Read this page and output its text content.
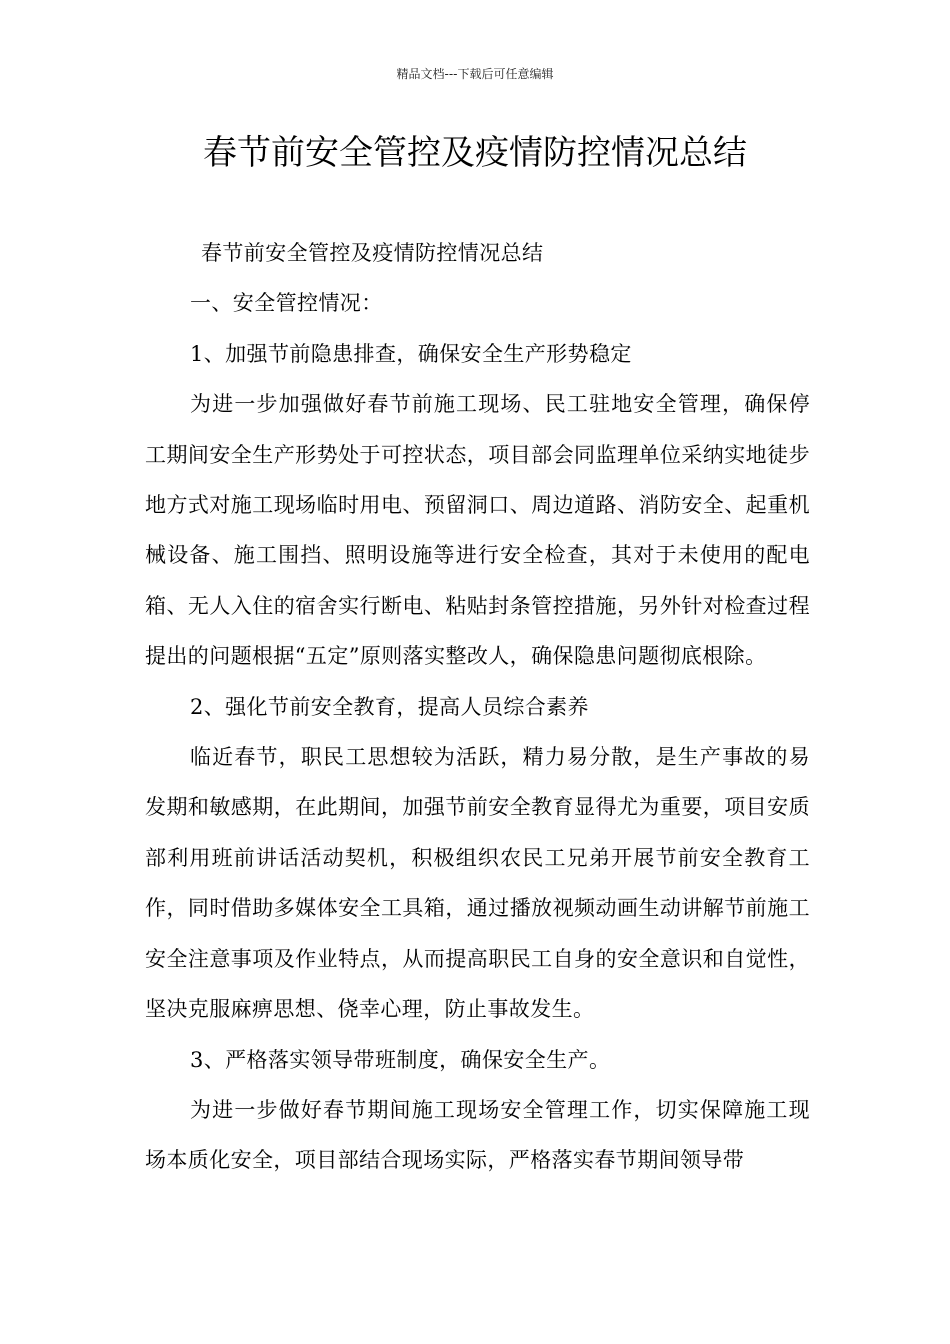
精品文档---下载后可任意编辑
春节前安全管控及疫情防控情况总结

春节前安全管控及疫情防控情况总结

一、安全管控情况：

1、加强节前隐患排查，确保安全生产形势稳定

为进一步加强做好春节前施工现场、民工驻地安全管理，确保停工期间安全生产形势处于可控状态，项目部会同监理单位采纳实地徒步地方式对施工现场临时用电、预留洞口、周边道路、消防安全、起重机械设备、施工围挡、照明设施等进行安全检查，其对于未使用的配电箱、无人入住的宿舍实行断电、粘贴封条管控措施，另外针对检查过程提出的问题根据“五定”原则落实整改人，确保隐患问题彻底根除。

2、强化节前安全教育，提高人员综合素养

临近春节，职民工思想较为活跃，精力易分散，是生产事故的易发期和敏感期，在此期间，加强节前安全教育显得尤为重要，项目安质部利用班前讲话活动契机，积极组织农民工兄弟开展节前安全教育工作，同时借助多媒体安全工具箱，通过播放视频动画生动讲解节前施工安全注意事项及作业特点，从而提高职民工自身的安全意识和自觉性，坚决克服麻痹思想、侥幸心理，防止事故发生。

3、严格落实领导带班制度，确保安全生产。

为进一步做好春节期间施工现场安全管理工作，切实保障施工现场本质化安全，项目部结合现场实际，严格落实春节期间领导带
